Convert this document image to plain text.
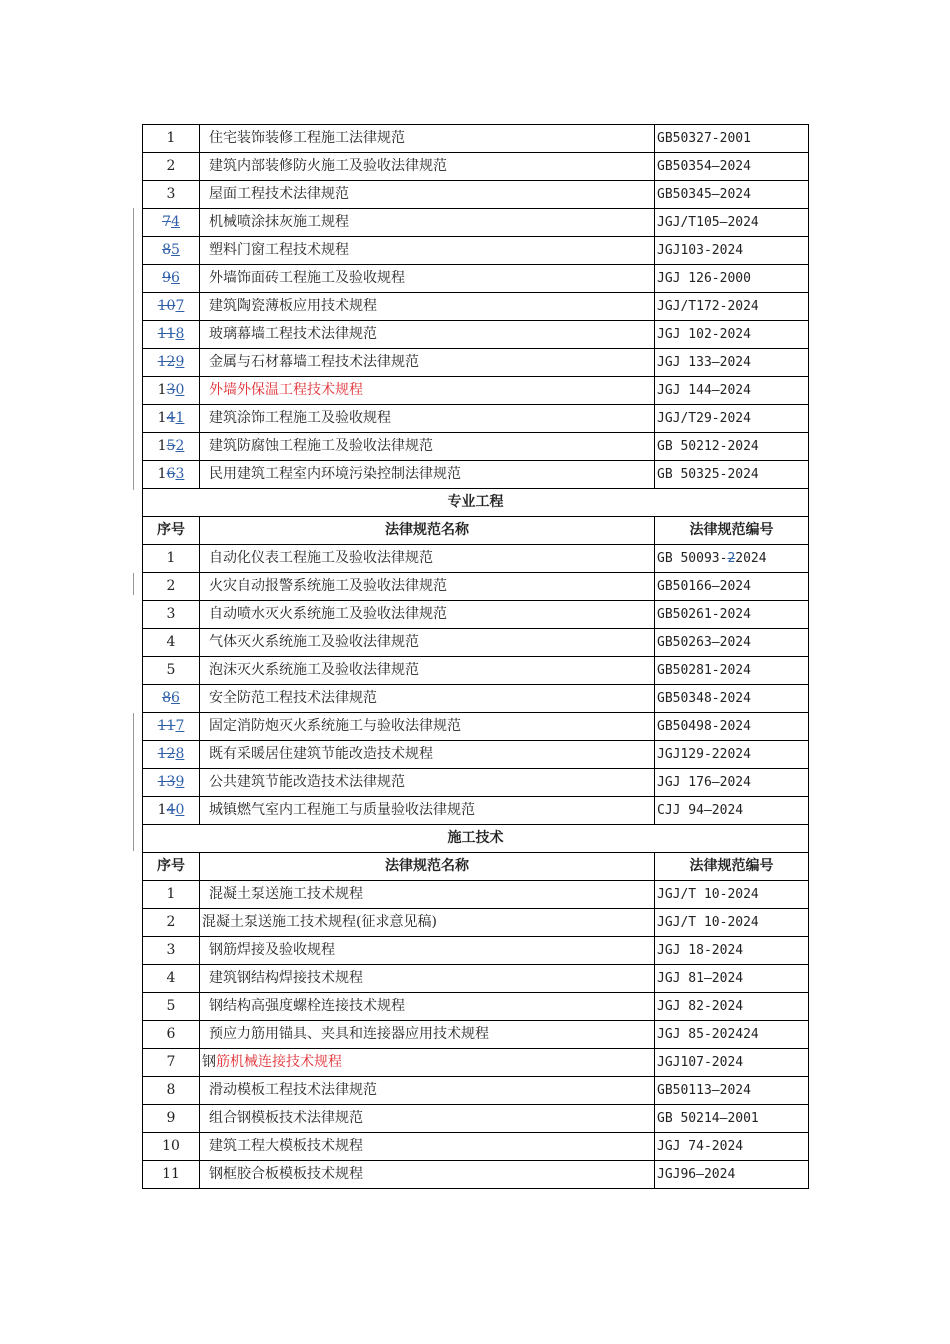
1	住宅装饰装修工程施工法律规范	GB50327-2001
2	建筑内部装修防火施工及验收法律规范	GB50354—2024
3	屋面工程技术法律规范	GB50345—2024
74	机械喷涂抹灰施工规程	JGJ/T105—2024
85	塑料门窗工程技术规程	JGJ103-2024
96	外墙饰面砖工程施工及验收规程	JGJ 126-2000
107	建筑陶瓷薄板应用技术规程	JGJ/T172-2024
118	玻璃幕墙工程技术法律规范	JGJ 102-2024
129	金属与石材幕墙工程技术法律规范	JGJ 133—2024
130	外墙外保温工程技术规程	JGJ 144—2024
141	建筑涂饰工程施工及验收规程	JGJ/T29-2024
152	建筑防腐蚀工程施工及验收法律规范	GB 50212-2024
163	民用建筑工程室内环境污染控制法律规范	GB 50325-2024
专业工程		
序号	法律规范名称	法律规范编号
1	自动化仪表工程施工及验收法律规范	GB 50093-22024
2	火灾自动报警系统施工及验收法律规范	GB50166—2024
3	自动喷水灭火系统施工及验收法律规范	GB50261-2024
4	气体灭火系统施工及验收法律规范	GB50263—2024
5	泡沫灭火系统施工及验收法律规范	GB50281-2024
86	安全防范工程技术法律规范	GB50348-2024
117	固定消防炮灭火系统施工与验收法律规范	GB50498-2024
128	既有采暖居住建筑节能改造技术规程	JGJ129-22024
139	公共建筑节能改造技术法律规范	JGJ 176—2024
140	城镇燃气室内工程施工与质量验收法律规范	CJJ 94—2024
施工技术		
序号	法律规范名称	法律规范编号
1	混凝土泵送施工技术规程	JGJ/T 10-2024
2	混凝土泵送施工技术规程(征求意见稿)	JGJ/T 10-2024
3	钢筋焊接及验收规程	JGJ 18-2024
4	建筑钢结构焊接技术规程	JGJ 81—2024
5	钢结构高强度螺栓连接技术规程	JGJ 82-2024
6	预应力筋用锚具、夹具和连接器应用技术规程	JGJ 85-202424
7	钢筋机械连接技术规程	JGJ107-2024
8	滑动模板工程技术法律规范	GB50113—2024
9	组合钢模板技术法律规范	GB 50214—2001
10	建筑工程大模板技术规程	JGJ 74-2024
11	钢框胶合板模板技术规程	JGJ96—2024
